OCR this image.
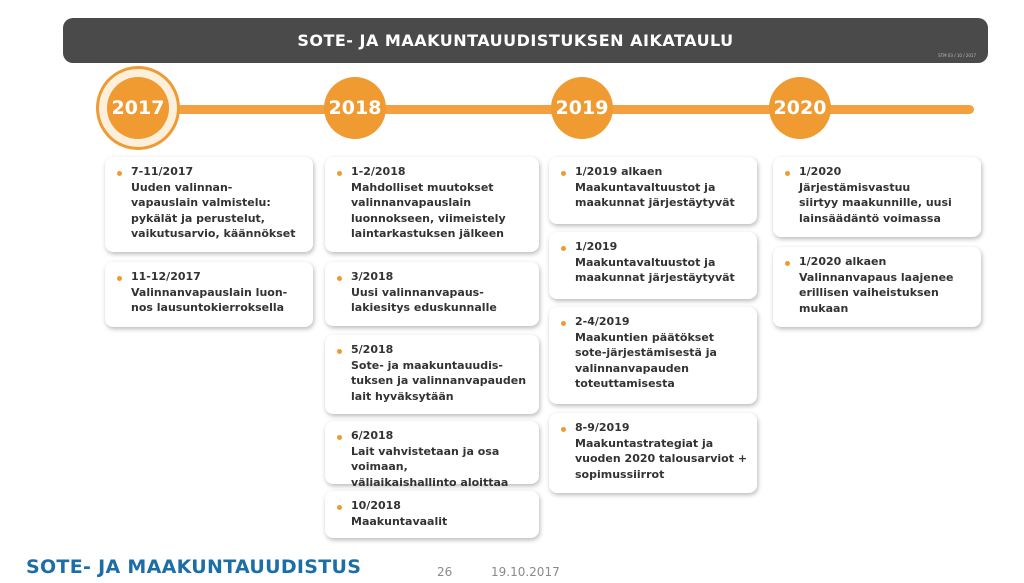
SOTE- JA MAAKUNTAUUDISTUKSEN AIKATAULU
STM 03 / 10 / 2017
2017	2018	2019	2020
7-11/2017
Uuden valinnan-
vapauslain valmistelu:
pykälät ja perustelut,
vaikutusarvio, käännökset
11-12/2017
Valinnanvapauslain luon-
nos lausuntokierroksella
1-2/2018
Mahdolliset muutokset
valinnanvapauslain
luonnokseen, viimeistely
laintarkastuksen jälkeen
3/2018
Uusi valinnanvapaus-
lakiesitys eduskunnalle
5/2018
Sote- ja maakuntauudis-
tuksen ja valinnanvapauden
lait hyväksytään
6/2018
Lait vahvistetaan ja osa voimaan,
väliaikaishallinto aloittaa
10/2018
Maakuntavaalit
1/2019 alkaen
Maakuntavaltuustot ja
maakunnat järjestäytyvät
1/2019
Maakuntavaltuustot ja
maakunnat järjestäytyvät
2-4/2019
Maakuntien päätökset
sote-järjestämisestä ja
valinnanvapauden
toteuttamisesta
8-9/2019
Maakuntastrategiat ja
vuoden 2020 talousarviot +
sopimussiirrot
1/2020
Järjestämisvastuu
siirtyy maakunnille, uusi
lainsäädäntö voimassa
1/2020 alkaen
Valinnanvapaus laajenee
erillisen vaiheistuksen
mukaan
SOTE- JA MAAKUNTAUUDISTUS	26	19.10.2017
